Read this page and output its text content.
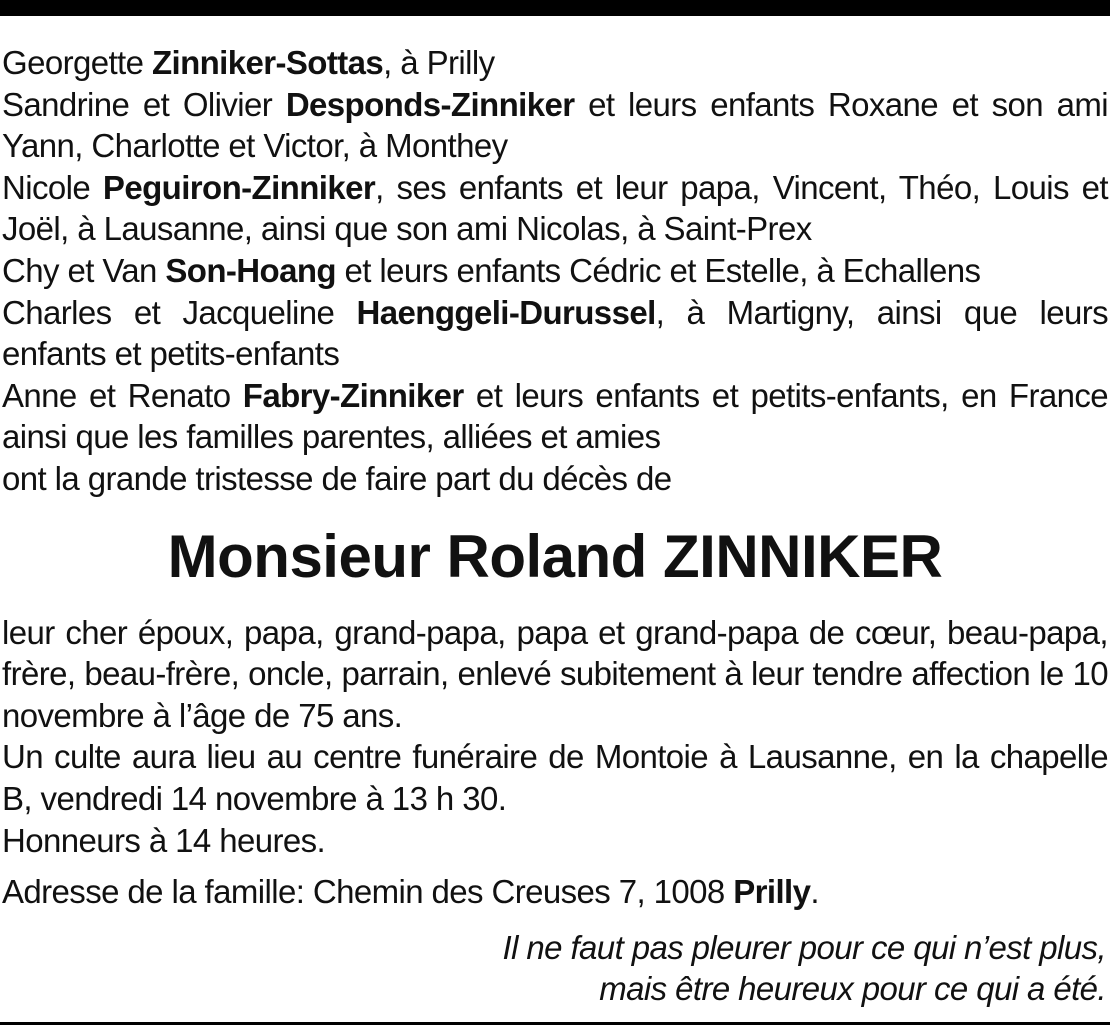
Georgette Zinniker-Sottas, à Prilly

Sandrine et Olivier Desponds-Zinniker et leurs enfants Roxane et son ami Yann, Charlotte et Victor, à Monthey

Nicole Peguiron-Zinniker, ses enfants et leur papa, Vincent, Théo, Louis et Joël, à Lausanne, ainsi que son ami Nicolas, à Saint-Prex

Chy et Van Son-Hoang et leurs enfants Cédric et Estelle, à Echallens

Charles et Jacqueline Haenggeli-Durussel, à Martigny, ainsi que leurs enfants et petits-enfants

Anne et Renato Fabry-Zinniker et leurs enfants et petits-enfants, en France ainsi que les familles parentes, alliées et amies

ont la grande tristesse de faire part du décès de

Monsieur Roland ZINNIKER

leur cher époux, papa, grand-papa, papa et grand-papa de cœur, beau-papa, frère, beau-frère, oncle, parrain, enlevé subitement à leur tendre affection le 10 novembre à l’âge de 75 ans.

Un culte aura lieu au centre funéraire de Montoie à Lausanne, en la chapelle B, vendredi 14 novembre à 13 h 30.

Honneurs à 14 heures.

Adresse de la famille: Chemin des Creuses 7, 1008 Prilly.

Il ne faut pas pleurer pour ce qui n’est plus,
mais être heureux pour ce qui a été.
